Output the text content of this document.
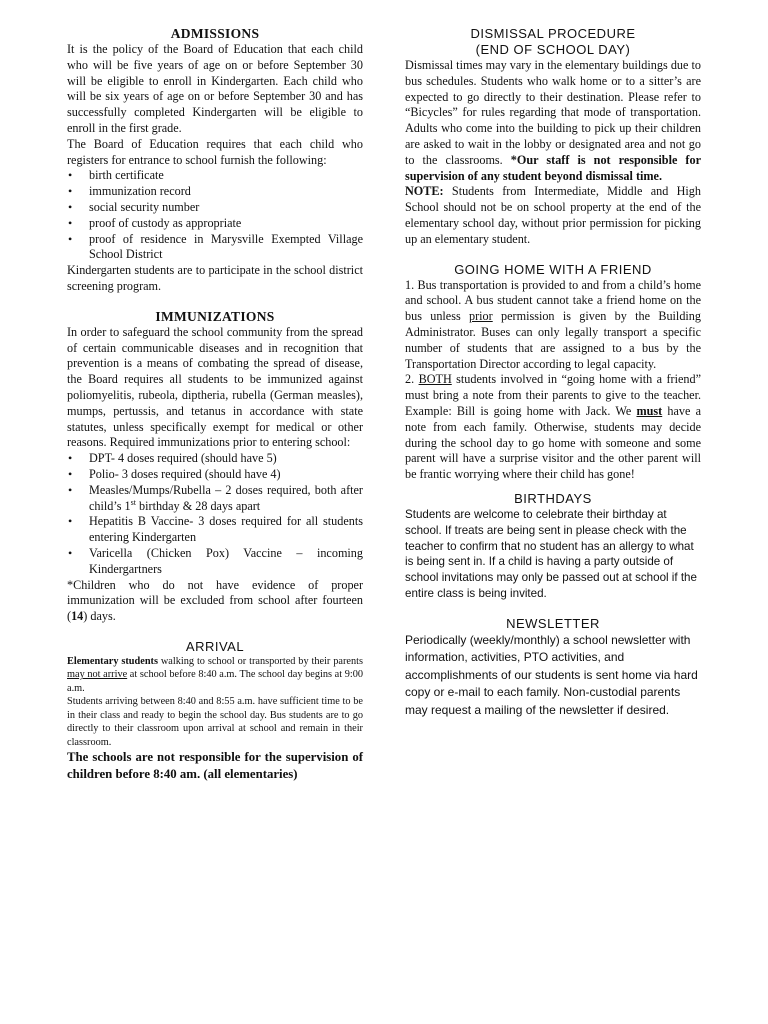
ADMISSIONS

It is the policy of the Board of Education that each child who will be five years of age on or before September 30 will be eligible to enroll in Kindergarten. Each child who will be six years of age on or before September 30 and has successfully completed Kindergarten will be eligible to enroll in the first grade.

The Board of Education requires that each child who registers for entrance to school furnish the following:

• birth certificate
• immunization record
• social security number
• proof of custody as appropriate
• proof of residence in Marysville Exempted Village School District

Kindergarten students are to participate in the school district screening program.

IMMUNIZATIONS

In order to safeguard the school community from the spread of certain communicable diseases and in recognition that prevention is a means of combating the spread of disease, the Board requires all students to be immunized against poliomyelitis, rubeola, diptheria, rubella (German measles), mumps, pertussis, and tetanus in accordance with state statutes, unless specifically exempt for medical or other reasons. Required immunizations prior to entering school:

• DPT- 4 doses required (should have 5)
• Polio- 3 doses required (should have 4)
• Measles/Mumps/Rubella – 2 doses required, both after child’s 1st birthday & 28 days apart
• Hepatitis B Vaccine- 3 doses required for all students entering Kindergarten
• Varicella (Chicken Pox) Vaccine – incoming Kindergartners

*Children who do not have evidence of proper immunization will be excluded from school after fourteen (14) days.

ARRIVAL

Elementary students walking to school or transported by their parents may not arrive at school before 8:40 a.m. The school day begins at 9:00 a.m.

Students arriving between 8:40 and 8:55 a.m. have sufficient time to be in their class and ready to begin the school day. Bus students are to go directly to their classroom upon arrival at school and remain in their classroom.

The schools are not responsible for the supervision of children before 8:40 am. (all elementaries)

DISMISSAL PROCEDURE
(END OF SCHOOL DAY)

Dismissal times may vary in the elementary buildings due to bus schedules. Students who walk home or to a sitter’s are expected to go directly to their destination. Please refer to “Bicycles” for rules regarding that mode of transportation. Adults who come into the building to pick up their children are asked to wait in the lobby or designated area and not go to the classrooms. *Our staff is not responsible for supervision of any student beyond dismissal time.

NOTE: Students from Intermediate, Middle and High School should not be on school property at the end of the elementary school day, without prior permission for picking up an elementary student.

GOING HOME WITH A FRIEND

1. Bus transportation is provided to and from a child’s home and school. A bus student cannot take a friend home on the bus unless prior permission is given by the Building Administrator. Buses can only legally transport a specific number of students that are assigned to a bus by the Transportation Director according to legal capacity.

2. BOTH students involved in “going home with a friend” must bring a note from their parents to give to the teacher. Example: Bill is going home with Jack. We must have a note from each family. Otherwise, students may decide during the school day to go home with someone and some parent will have a surprise visitor and the other parent will be frantic worrying where their child has gone!

BIRTHDAYS

Students are welcome to celebrate their birthday at school. If treats are being sent in please check with the teacher to confirm that no student has an allergy to what is being sent in. If a child is having a party outside of school invitations may only be passed out at school if the entire class is being invited.

NEWSLETTER

Periodically (weekly/monthly) a school newsletter with information, activities, PTO activities, and accomplishments of our students is sent home via hard copy or e-mail to each family. Non-custodial parents may request a mailing of the newsletter if desired.
